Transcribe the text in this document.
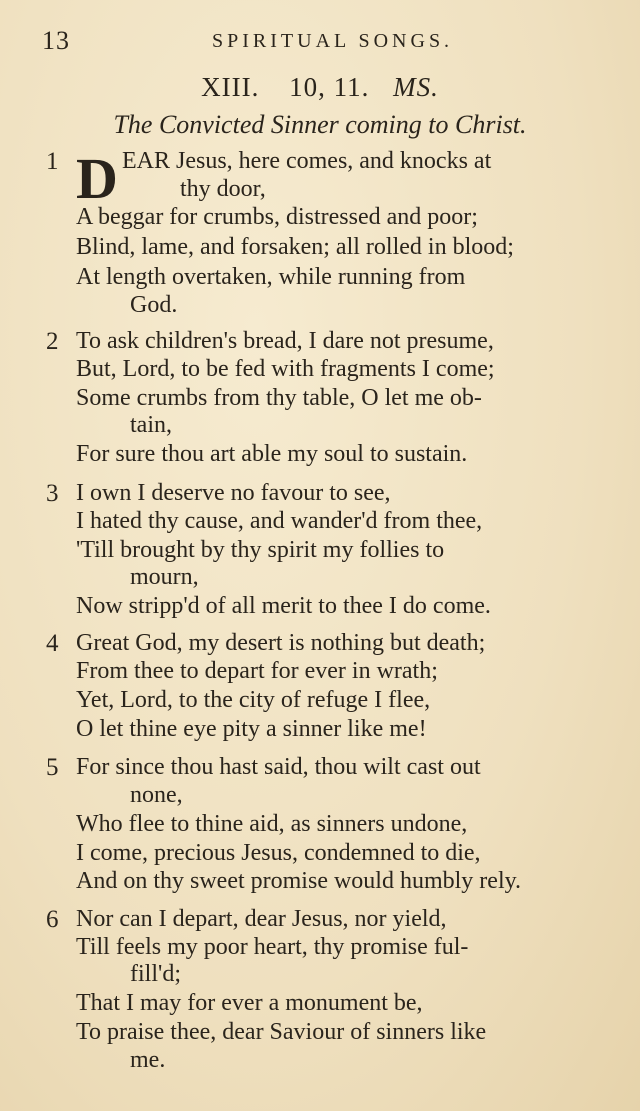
13	SPIRITUAL SONGS.
XIII. 10, 11. MS.
The Convicted Sinner coming to Christ.
1 D EAR Jesus, here comes, and knocks at
thy door,
A beggar for crumbs, distressed and poor;
Blind, lame, and forsaken; all rolled in blood;
At length overtaken, while running from
God.
2 To ask children's bread, I dare not presume,
But, Lord, to be fed with fragments I come;
Some crumbs from thy table, O let me ob-
tain,
For sure thou art able my soul to sustain.
3 I own I deserve no favour to see,
I hated thy cause, and wander'd from thee,
'Till brought by thy spirit my follies to
mourn,
Now stripp'd of all merit to thee I do come.
4 Great God, my desert is nothing but death;
From thee to depart for ever in wrath;
Yet, Lord, to the city of refuge I flee,
O let thine eye pity a sinner like me!
5 For since thou hast said, thou wilt cast out
none,
Who flee to thine aid, as sinners undone,
I come, precious Jesus, condemned to die,
And on thy sweet promise would humbly rely.
6 Nor can I depart, dear Jesus, nor yield,
Till feels my poor heart, thy promise ful-
fill'd;
That I may for ever a monument be,
To praise thee, dear Saviour of sinners like
me.
